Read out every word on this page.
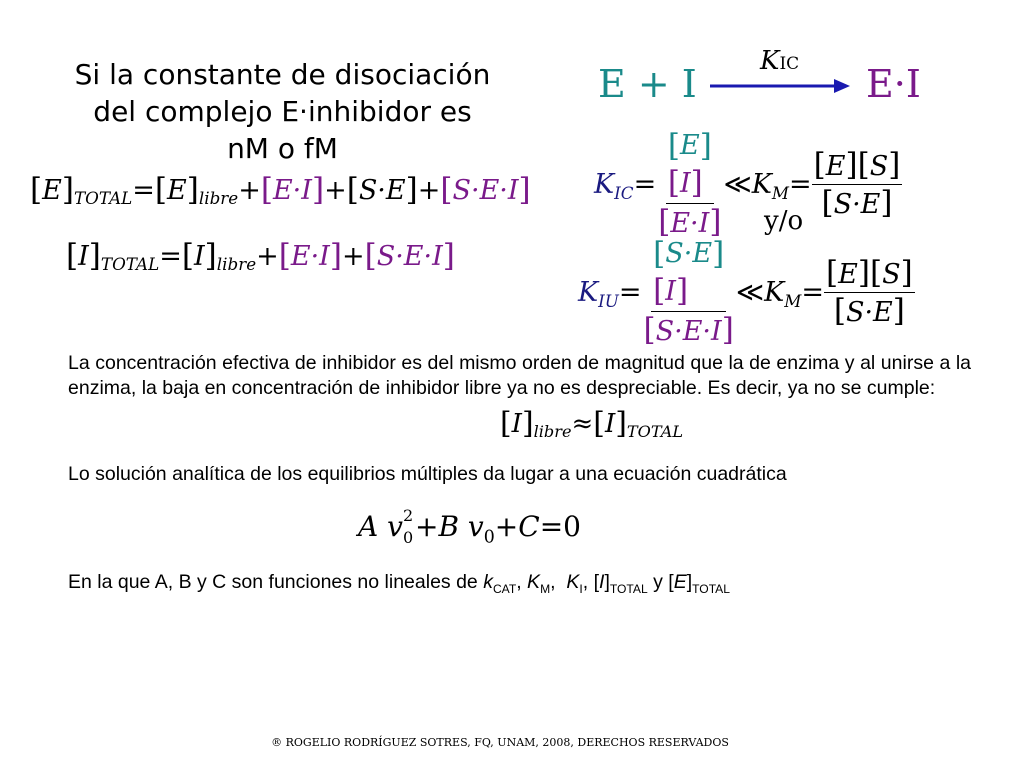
Si la constante de disociación
del complejo E·inhibidor es
nM o fM
E + I
KIC E·I
[ E ]$_{TOTAL}$ = [ E ]$_{libre}$ + [ E·I ] + [ S·E ] + [ S·E·I ]
[ I ]$_{TOTAL}$ = [ I ]$_{libre}$ + [ E·I ] + [ S·E·I ]
$K_{IC}$ = [ E ]
[ I ]
[E·I] ≪ $K_M = \frac{[E][S]}{[S\cdot E]}$
y/o
$K_{IU}$ = [ S·E ]
[ I ]
[S·E·I] ≪ $K_M = \frac{[E][S]}{[S\cdot E]}$
La concentración efectiva de inhibidor es del mismo orden de magnitud que la de enzima y al unirse a la enzima, la baja en concentración de inhibidor libre ya no es despreciable. Es decir, ya no se cumple:
[ I ]$_{libre}$ ≈ [ I ]$_{TOTAL}$
Lo solución analítica de los equilibrios múltiples da lugar a una ecuación cuadrática
A v 2
0 +B $v_0+C=0$
En la que A, B y C son funciones no lineales de $k_{CAT}$, $K_M$,  $K_I$, $[I]_{TOTAL}$ y $[E]_{TOTAL}$
® ROGELIO RODRÍGUEZ SOTRES, FQ, UNAM, 2008, DERECHOS RESERVADOS
